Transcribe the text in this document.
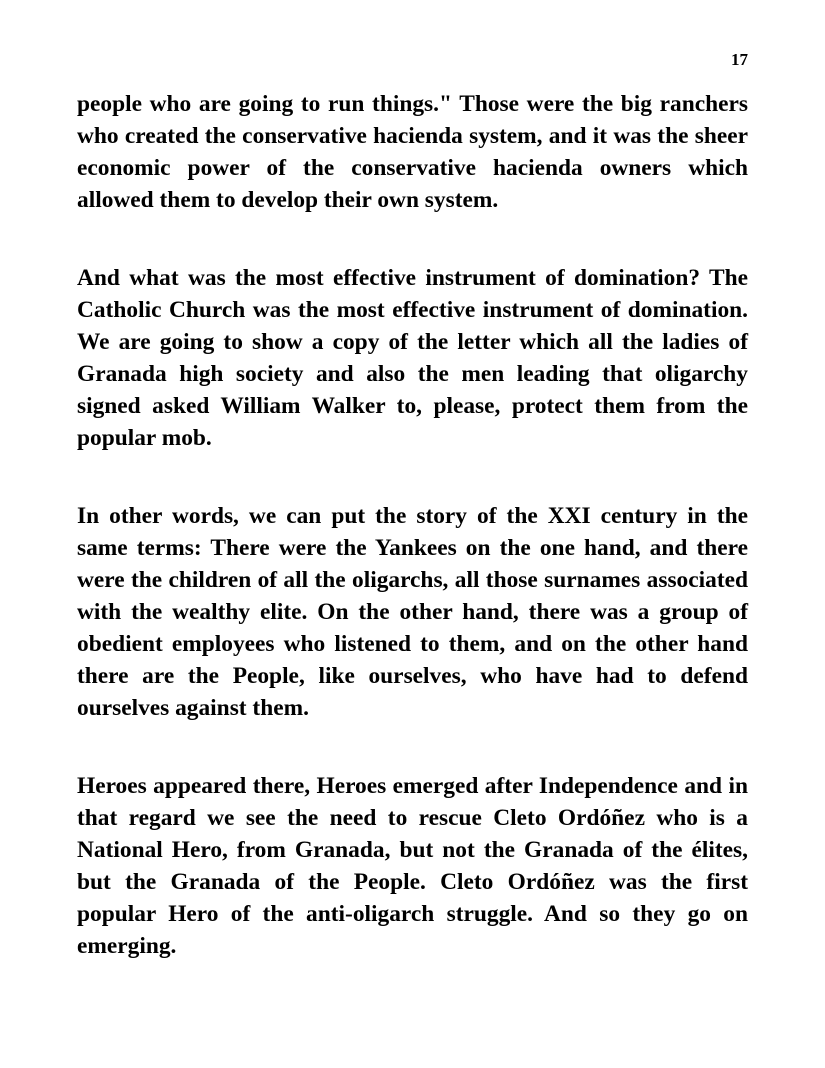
17

people who are going to run things." Those were the big ranchers who created the conservative hacienda system, and it was the sheer economic power of the conservative hacienda owners which allowed them to develop their own system.

And what was the most effective instrument of domination? The Catholic Church was the most effective instrument of domination. We are going to show a copy of the letter which all the ladies of Granada high society and also the men leading that oligarchy signed asked William Walker to, please, protect them from the popular mob.

In other words, we can put the story of the XXI century in the same terms: There were the Yankees on the one hand, and there were the children of all the oligarchs, all those surnames associated with the wealthy elite. On the other hand, there was a group of obedient employees who listened to them, and on the other hand there are the People, like ourselves, who have had to defend ourselves against them.

Heroes appeared there, Heroes emerged after Independence and in that regard we see the need to rescue Cleto Ordóñez who is a National Hero, from Granada, but not the Granada of the élites, but the Granada of the People. Cleto Ordóñez was the first popular Hero of the anti-oligarch struggle. And so they go on emerging.
